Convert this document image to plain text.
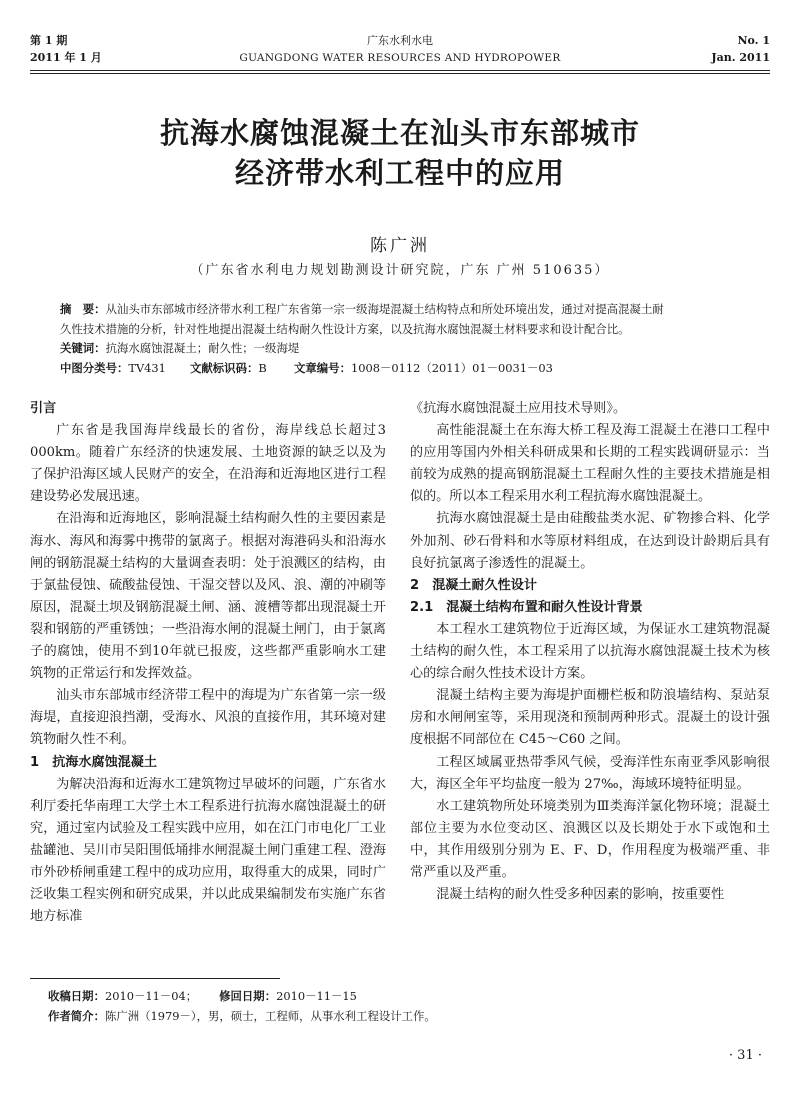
第 1 期
2011 年 1 月
广东水利水电
GUANGDONG WATER RESOURCES AND HYDROPOWER
No. 1
Jan. 2011
抗海水腐蚀混凝土在汕头市东部城市
经济带水利工程中的应用
陈广洲
（广东省水利电力规划勘测设计研究院，广东 广州 510635）
摘　要：从汕头市东部城市经济带水利工程广东省第一宗一级海堤混凝土结构特点和所处环境出发，通过对提高混凝土耐
久性技术措施的分析，针对性地提出混凝土结构耐久性设计方案，以及抗海水腐蚀混凝土材料要求和设计配合比。
关键词：抗海水腐蚀混凝土；耐久性；一级海堤
中图分类号：TV431 文献标识码：B 文章编号：1008－0112（2011）01－0031－03
引言

广东省是我国海岸线最长的省份，海岸线总长超过3 000km。随着广东经济的快速发展、土地资源的缺乏以及为了保护沿海区域人民财产的安全，在沿海和近海地区进行工程建设势必发展迅速。

在沿海和近海地区，影响混凝土结构耐久性的主要因素是海水、海风和海雾中携带的氯离子。根据对海港码头和沿海水闸的钢筋混凝土结构的大量调查表明：处于浪溅区的结构，由于氯盐侵蚀、硫酸盐侵蚀、干湿交替以及风、浪、潮的冲刷等原因，混凝土坝及钢筋混凝土闸、涵、渡槽等都出现混凝土开裂和钢筋的严重锈蚀；一些沿海水闸的混凝土闸门，由于氯离子的腐蚀，使用不到10年就已报废，这些都严重影响水工建筑物的正常运行和发挥效益。

汕头市东部城市经济带工程中的海堤为广东省第一宗一级海堤，直接迎浪挡潮，受海水、风浪的直接作用，其环境对建筑物耐久性不利。

1　抗海水腐蚀混凝土

为解决沿海和近海水工建筑物过早破坏的问题，广东省水利厅委托华南理工大学土木工程系进行抗海水腐蚀混凝土的研究，通过室内试验及工程实践中应用，如在江门市电化厂工业盐罐池、吴川市吴阳围低埇排水闸混凝土闸门重建工程、澄海市外砂桥闸重建工程中的成功应用，取得重大的成果，同时广泛收集工程实例和研究成果，并以此成果编制发布实施广东省地方标准

《抗海水腐蚀混凝土应用技术导则》。

高性能混凝土在东海大桥工程及海工混凝土在港口工程中的应用等国内外相关科研成果和长期的工程实践调研显示：当前较为成熟的提高钢筋混凝土工程耐久性的主要技术措施是相似的。所以本工程采用水利工程抗海水腐蚀混凝土。

抗海水腐蚀混凝土是由硅酸盐类水泥、矿物掺合料、化学外加剂、砂石骨料和水等原材料组成，在达到设计龄期后具有良好抗氯离子渗透性的混凝土。

2　混凝土耐久性设计
2.1　混凝土结构布置和耐久性设计背景

本工程水工建筑物位于近海区域，为保证水工建筑物混凝土结构的耐久性，本工程采用了以抗海水腐蚀混凝土技术为核心的综合耐久性技术设计方案。

混凝土结构主要为海堤护面栅栏板和防浪墙结构、泵站泵房和水闸闸室等，采用现浇和预制两种形式。混凝土的设计强度根据不同部位在 C45～C60 之间。

工程区域属亚热带季风气候，受海洋性东南亚季风影响很大，海区全年平均盐度一般为 27‰，海域环境特征明显。

水工建筑物所处环境类别为Ⅲ类海洋氯化物环境；混凝土部位主要为水位变动区、浪溅区以及长期处于水下或饱和土中，其作用级别分别为 E、F、D，作用程度为极端严重、非常严重以及严重。

混凝土结构的耐久性受多种因素的影响，按重要性

收稿日期：2010－11－04； 修回日期：2010－11－15
作者简介：陈广洲（1979－），男，硕士，工程师，从事水利工程设计工作。
· 31 ·
